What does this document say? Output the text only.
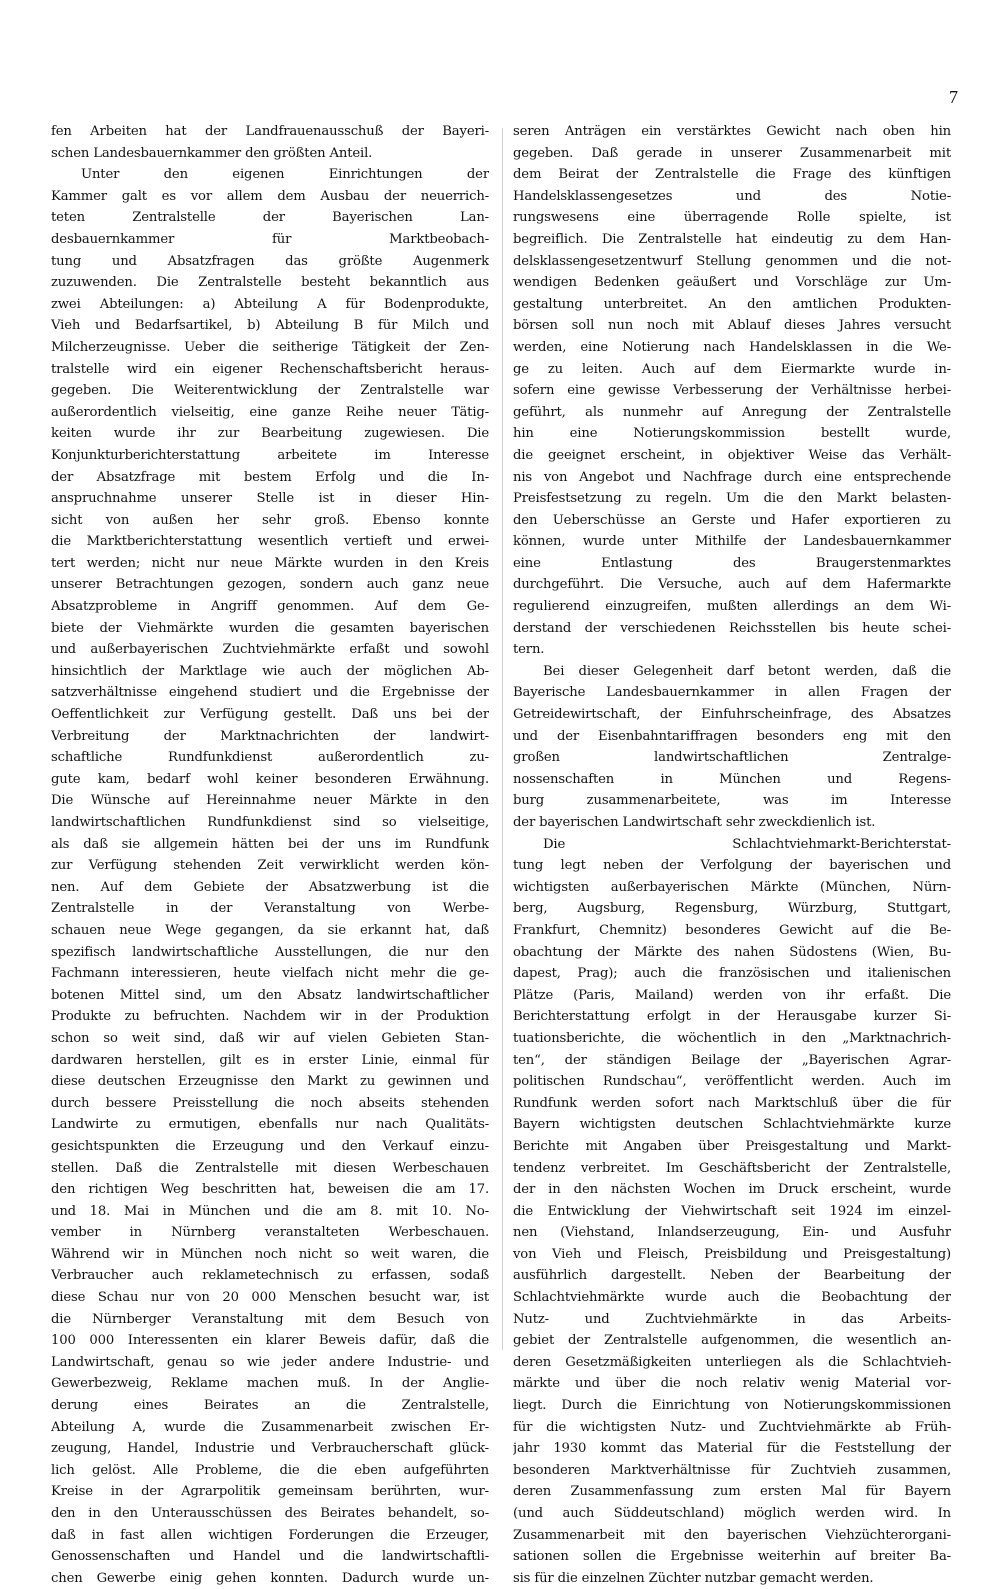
7
fen Arbeiten hat der Landfrauenausschuß der Bayeri-
schen Landesbauernkammer den größten Anteil.
Unter den eigenen Einrichtungen der
Kammer galt es vor allem dem Ausbau der neuerrich-
teten Zentralstelle der Bayerischen Lan-
desbauernkammer für Marktbeobach-
tung und Absatzfragen das größte Augenmerk
zuzuwenden. Die Zentralstelle besteht bekanntlich aus
zwei Abteilungen: a) Abteilung A für Bodenprodukte,
Vieh und Bedarfsartikel, b) Abteilung B für Milch und
Milcherzeugnisse. Ueber die seitherige Tätigkeit der Zen-
tralstelle wird ein eigener Rechenschaftsbericht heraus-
gegeben. Die Weiterentwicklung der Zentralstelle war
außerordentlich vielseitig, eine ganze Reihe neuer Tätig-
keiten wurde ihr zur Bearbeitung zugewiesen. Die
Konjunkturberichterstattung arbeitete im Interesse
der Absatzfrage mit bestem Erfolg und die In-
anspruchnahme unserer Stelle ist in dieser Hin-
sicht von außen her sehr groß. Ebenso konnte
die Marktberichterstattung wesentlich vertieft und erwei-
tert werden; nicht nur neue Märkte wurden in den Kreis
unserer Betrachtungen gezogen, sondern auch ganz neue
Absatzprobleme in Angriff genommen. Auf dem Ge-
biete der Viehmärkte wurden die gesamten bayerischen
und außerbayerischen Zuchtviehmärkte erfaßt und sowohl
hinsichtlich der Marktlage wie auch der möglichen Ab-
satzverhältnisse eingehend studiert und die Ergebnisse der
Oeffentlichkeit zur Verfügung gestellt. Daß uns bei der
Verbreitung der Marktnachrichten der landwirt-
schaftliche Rundfunkdienst außerordentlich zu-
gute kam, bedarf wohl keiner besonderen Erwähnung.
Die Wünsche auf Hereinnahme neuer Märkte in den
landwirtschaftlichen Rundfunkdienst sind so vielseitige,
als daß sie allgemein hätten bei der uns im Rundfunk
zur Verfügung stehenden Zeit verwirklicht werden kön-
nen. Auf dem Gebiete der Absatzwerbung ist die
Zentralstelle in der Veranstaltung von Werbe-
schauen neue Wege gegangen, da sie erkannt hat, daß
spezifisch landwirtschaftliche Ausstellungen, die nur den
Fachmann interessieren, heute vielfach nicht mehr die ge-
botenen Mittel sind, um den Absatz landwirtschaftlicher
Produkte zu befruchten. Nachdem wir in der Produktion
schon so weit sind, daß wir auf vielen Gebieten Stan-
dardwaren herstellen, gilt es in erster Linie, einmal für
diese deutschen Erzeugnisse den Markt zu gewinnen und
durch bessere Preisstellung die noch abseits stehenden
Landwirte zu ermutigen, ebenfalls nur nach Qualitäts-
gesichtspunkten die Erzeugung und den Verkauf einzu-
stellen. Daß die Zentralstelle mit diesen Werbeschauen
den richtigen Weg beschritten hat, beweisen die am 17.
und 18. Mai in München und die am 8. mit 10. No-
vember in Nürnberg veranstalteten Werbeschauen.
Während wir in München noch nicht so weit waren, die
Verbraucher auch reklametechnisch zu erfassen, sodaß
diese Schau nur von 20 000 Menschen besucht war, ist
die Nürnberger Veranstaltung mit dem Besuch von
100 000 Interessenten ein klarer Beweis dafür, daß die
Landwirtschaft, genau so wie jeder andere Industrie- und
Gewerbezweig, Reklame machen muß. In der Anglie-
derung eines Beirates an die Zentralstelle,
Abteilung A, wurde die Zusammenarbeit zwischen Er-
zeugung, Handel, Industrie und Verbraucherschaft glück-
lich gelöst. Alle Probleme, die die eben aufgeführten
Kreise in der Agrarpolitik gemeinsam berührten, wur-
den in den Unterausschüssen des Beirates behandelt, so-
daß in fast allen wichtigen Forderungen die Erzeuger,
Genossenschaften und Handel und die landwirtschaftli-
chen Gewerbe einig gehen konnten. Dadurch wurde un-
seren Anträgen ein verstärktes Gewicht nach oben hin
gegeben. Daß gerade in unserer Zusammenarbeit mit
dem Beirat der Zentralstelle die Frage des künftigen
Handelsklassengesetzes und des Notie-
rungswesens eine überragende Rolle spielte, ist
begreiflich. Die Zentralstelle hat eindeutig zu dem Han-
delsklassengesetzentwurf Stellung genommen und die not-
wendigen Bedenken geäußert und Vorschläge zur Um-
gestaltung unterbreitet. An den amtlichen Produkten-
börsen soll nun noch mit Ablauf dieses Jahres versucht
werden, eine Notierung nach Handelsklassen in die We-
ge zu leiten. Auch auf dem Eiermarkte wurde in-
sofern eine gewisse Verbesserung der Verhältnisse herbei-
geführt, als nunmehr auf Anregung der Zentralstelle
hin eine Notierungskommission bestellt wurde,
die geeignet erscheint, in objektiver Weise das Verhält-
nis von Angebot und Nachfrage durch eine entsprechende
Preisfestsetzung zu regeln. Um die den Markt belasten-
den Ueberschüsse an Gerste und Hafer exportieren zu
können, wurde unter Mithilfe der Landesbauernkammer
eine Entlastung des Braugerstenmarktes
durchgeführt. Die Versuche, auch auf dem Hafermarkte
regulierend einzugreifen, mußten allerdings an dem Wi-
derstand der verschiedenen Reichsstellen bis heute schei-
tern.
Bei dieser Gelegenheit darf betont werden, daß die
Bayerische Landesbauernkammer in allen Fragen der
Getreidewirtschaft, der Einfuhrscheinfrage, des Absatzes
und der Eisenbahntariffragen besonders eng mit den
großen landwirtschaftlichen Zentralge-
nossenschaften in München und Regens-
burg zusammenarbeitete, was im Interesse
der bayerischen Landwirtschaft sehr zweckdienlich ist.
Die Schlachtviehmarkt-Berichterstat-
tung legt neben der Verfolgung der bayerischen und
wichtigsten außerbayerischen Märkte (München, Nürn-
berg, Augsburg, Regensburg, Würzburg, Stuttgart,
Frankfurt, Chemnitz) besonderes Gewicht auf die Be-
obachtung der Märkte des nahen Südostens (Wien, Bu-
dapest, Prag); auch die französischen und italienischen
Plätze (Paris, Mailand) werden von ihr erfaßt. Die
Berichterstattung erfolgt in der Herausgabe kurzer Si-
tuationsberichte, die wöchentlich in den „Marktnachrich-
ten“, der ständigen Beilage der „Bayerischen Agrar-
politischen Rundschau“, veröffentlicht werden. Auch im
Rundfunk werden sofort nach Marktschluß über die für
Bayern wichtigsten deutschen Schlachtviehmärkte kurze
Berichte mit Angaben über Preisgestaltung und Markt-
tendenz verbreitet. Im Geschäftsbericht der Zentralstelle,
der in den nächsten Wochen im Druck erscheint, wurde
die Entwicklung der Viehwirtschaft seit 1924 im einzel-
nen (Viehstand, Inlandserzeugung, Ein- und Ausfuhr
von Vieh und Fleisch, Preisbildung und Preisgestaltung)
ausführlich dargestellt. Neben der Bearbeitung der
Schlachtviehmärkte wurde auch die Beobachtung der
Nutz- und Zuchtviehmärkte in das Arbeits-
gebiet der Zentralstelle aufgenommen, die wesentlich an-
deren Gesetzmäßigkeiten unterliegen als die Schlachtvieh-
märkte und über die noch relativ wenig Material vor-
liegt. Durch die Einrichtung von Notierungskommissionen
für die wichtigsten Nutz- und Zuchtviehmärkte ab Früh-
jahr 1930 kommt das Material für die Feststellung der
besonderen Marktverhältnisse für Zuchtvieh zusammen,
deren Zusammenfassung zum ersten Mal für Bayern
(und auch Süddeutschland) möglich werden wird. In
Zusammenarbeit mit den bayerischen Viehzüchterorgani-
sationen sollen die Ergebnisse weiterhin auf breiter Ba-
sis für die einzelnen Züchter nutzbar gemacht werden.
